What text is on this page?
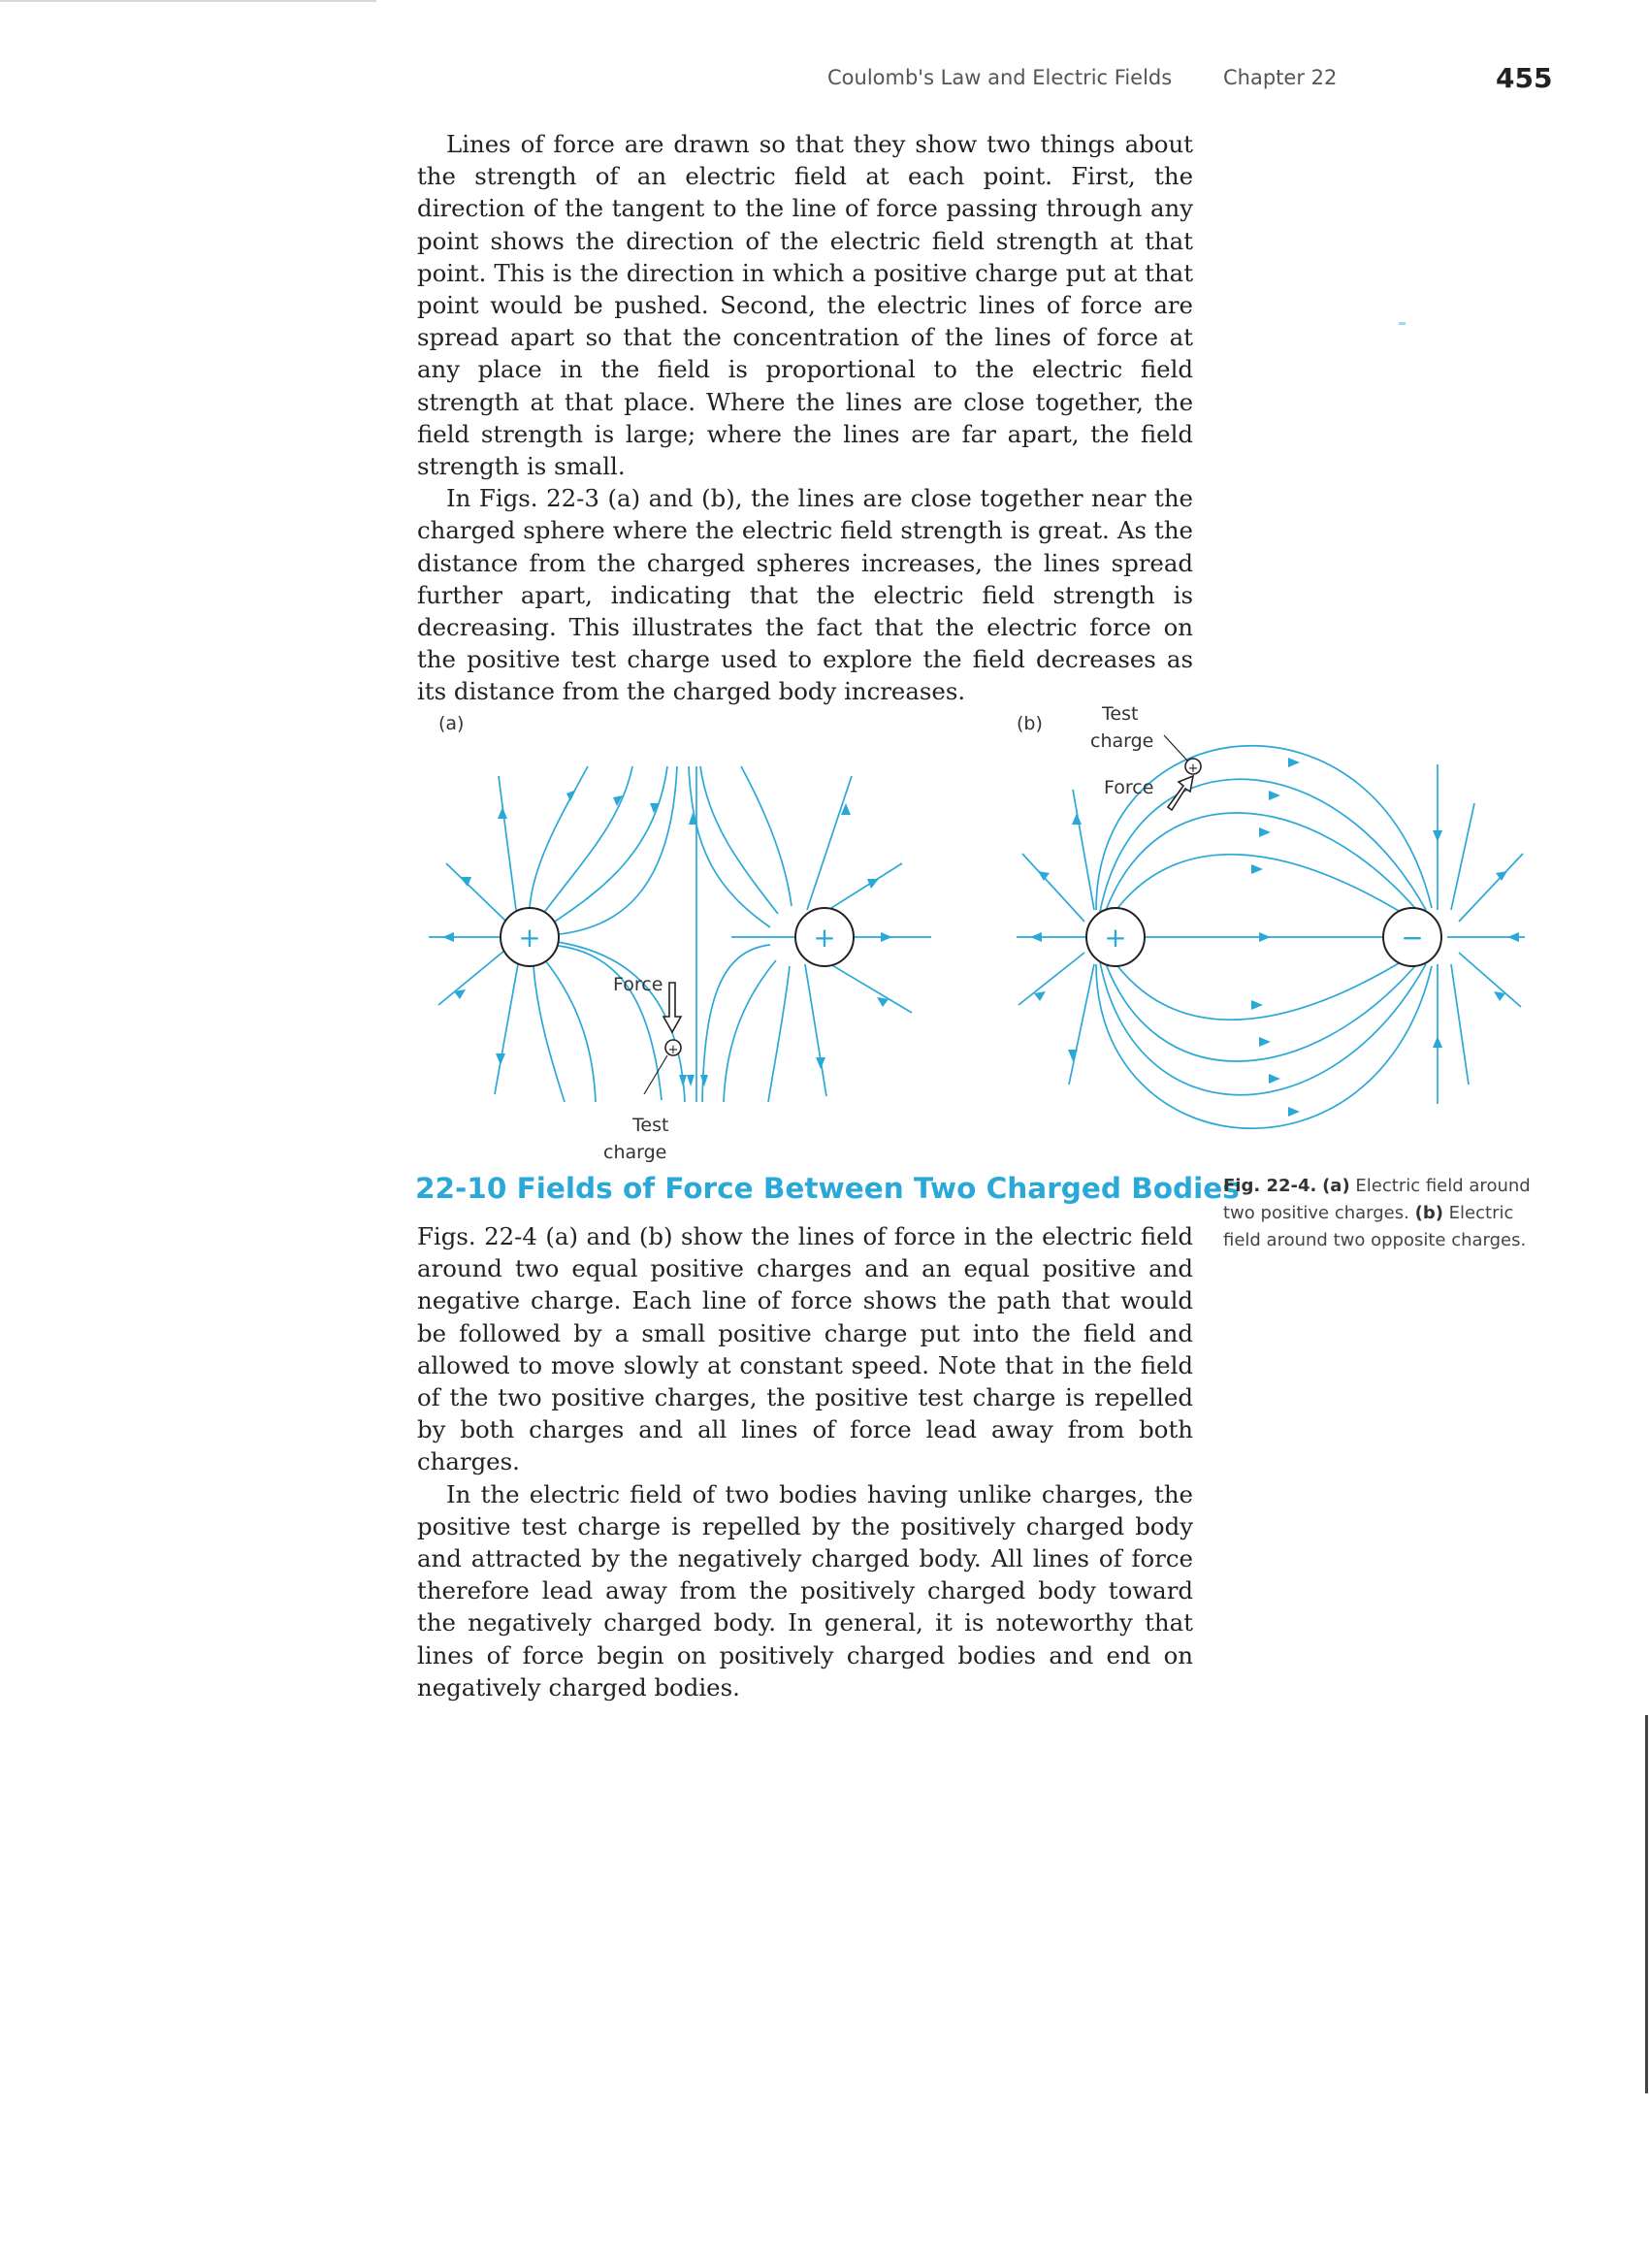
Coulomb's Law and Electric Fields	Chapter 22	455

Lines of force are drawn so that they show two things about the strength of an electric field at each point. First, the direction of the tangent to the line of force passing through any point shows the direction of the electric field strength at that point. This is the direction in which a positive charge put at that point would be pushed. Second, the electric lines of force are spread apart so that the concentration of the lines of force at any place in the field is proportional to the electric field strength at that place. Where the lines are close together, the field strength is large; where the lines are far apart, the field strength is small.

In Figs. 22-3 (a) and (b), the lines are close together near the charged sphere where the electric field strength is great. As the distance from the charged spheres increases, the lines spread further apart, indicating that the electric field strength is decreasing. This illustrates the fact that the electric force on the positive test charge used to explore the field decreases as its distance from the charged body increases.

(a)
+	+
+
Force
Test
charge
(b)
+	−
+
Force
Test
charge
22-10 Fields of Force Between Two Charged Bodies

Fig. 22-4. (a) Electric field around two positive charges. (b) Electric field around two opposite charges.

Figs. 22-4 (a) and (b) show the lines of force in the electric field around two equal positive charges and an equal positive and negative charge. Each line of force shows the path that would be followed by a small positive charge put into the field and allowed to move slowly at constant speed. Note that in the field of the two positive charges, the positive test charge is repelled by both charges and all lines of force lead away from both charges.

In the electric field of two bodies having unlike charges, the positive test charge is repelled by the positively charged body and attracted by the negatively charged body. All lines of force therefore lead away from the positively charged body toward the negatively charged body. In general, it is noteworthy that lines of force begin on positively charged bodies and end on negatively charged bodies.
